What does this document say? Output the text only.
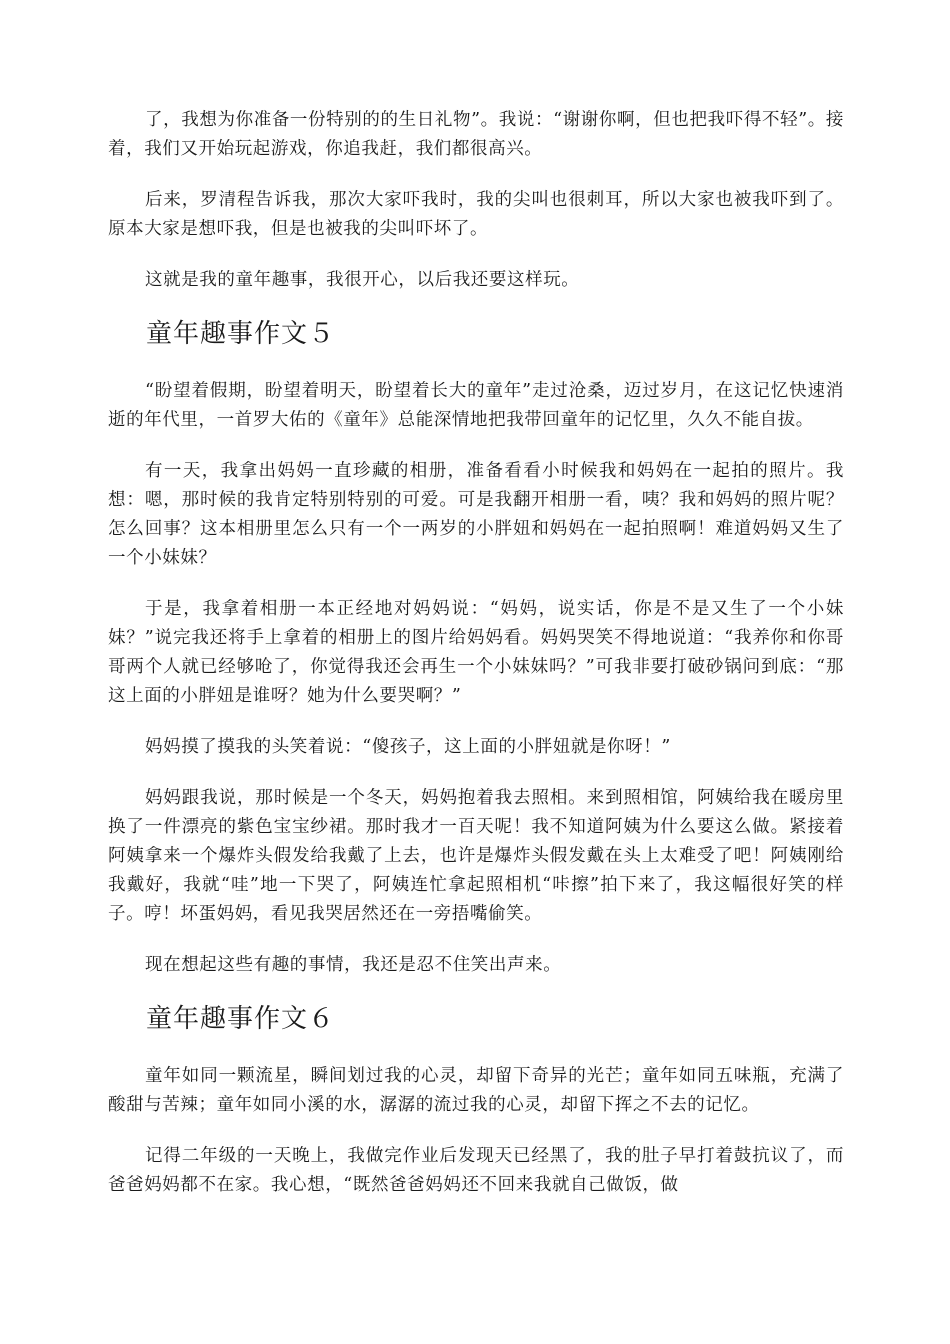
了，我想为你准备一份特别的的生日礼物”。我说：“谢谢你啊，但也把我吓得不轻”。接着，我们又开始玩起游戏，你追我赶，我们都很高兴。

后来，罗清程告诉我，那次大家吓我时，我的尖叫也很刺耳，所以大家也被我吓到了。原本大家是想吓我，但是也被我的尖叫吓坏了。

这就是我的童年趣事，我很开心，以后我还要这样玩。

童年趣事作文５

“盼望着假期，盼望着明天，盼望着长大的童年”走过沧桑，迈过岁月，在这记忆快速消逝的年代里，一首罗大佑的《童年》总能深情地把我带回童年的记忆里，久久不能自拔。

有一天，我拿出妈妈一直珍藏的相册，准备看看小时候我和妈妈在一起拍的照片。我想：嗯，那时候的我肯定特别特别的可爱。可是我翻开相册一看，咦？我和妈妈的照片呢？怎么回事？这本相册里怎么只有一个一两岁的小胖妞和妈妈在一起拍照啊！难道妈妈又生了一个小妹妹？

于是，我拿着相册一本正经地对妈妈说：“妈妈，说实话，你是不是又生了一个小妹妹？”说完我还将手上拿着的相册上的图片给妈妈看。妈妈哭笑不得地说道：“我养你和你哥哥两个人就已经够呛了，你觉得我还会再生一个小妹妹吗？”可我非要打破砂锅问到底：“那这上面的小胖妞是谁呀？她为什么要哭啊？”

妈妈摸了摸我的头笑着说：“傻孩子，这上面的小胖妞就是你呀！”

妈妈跟我说，那时候是一个冬天，妈妈抱着我去照相。来到照相馆，阿姨给我在暖房里换了一件漂亮的紫色宝宝纱裙。那时我才一百天呢！我不知道阿姨为什么要这么做。紧接着阿姨拿来一个爆炸头假发给我戴了上去，也许是爆炸头假发戴在头上太难受了吧！阿姨刚给我戴好，我就“哇”地一下哭了，阿姨连忙拿起照相机“咔擦”拍下来了，我这幅很好笑的样子。哼！坏蛋妈妈，看见我哭居然还在一旁捂嘴偷笑。

现在想起这些有趣的事情，我还是忍不住笑出声来。

童年趣事作文６

童年如同一颗流星，瞬间划过我的心灵，却留下奇异的光芒；童年如同五味瓶，充满了酸甜与苦辣；童年如同小溪的水，潺潺的流过我的心灵，却留下挥之不去的记忆。

记得二年级的一天晚上，我做完作业后发现天已经黑了，我的肚子早打着鼓抗议了，而爸爸妈妈都不在家。我心想，“既然爸爸妈妈还不回来我就自己做饭，做
